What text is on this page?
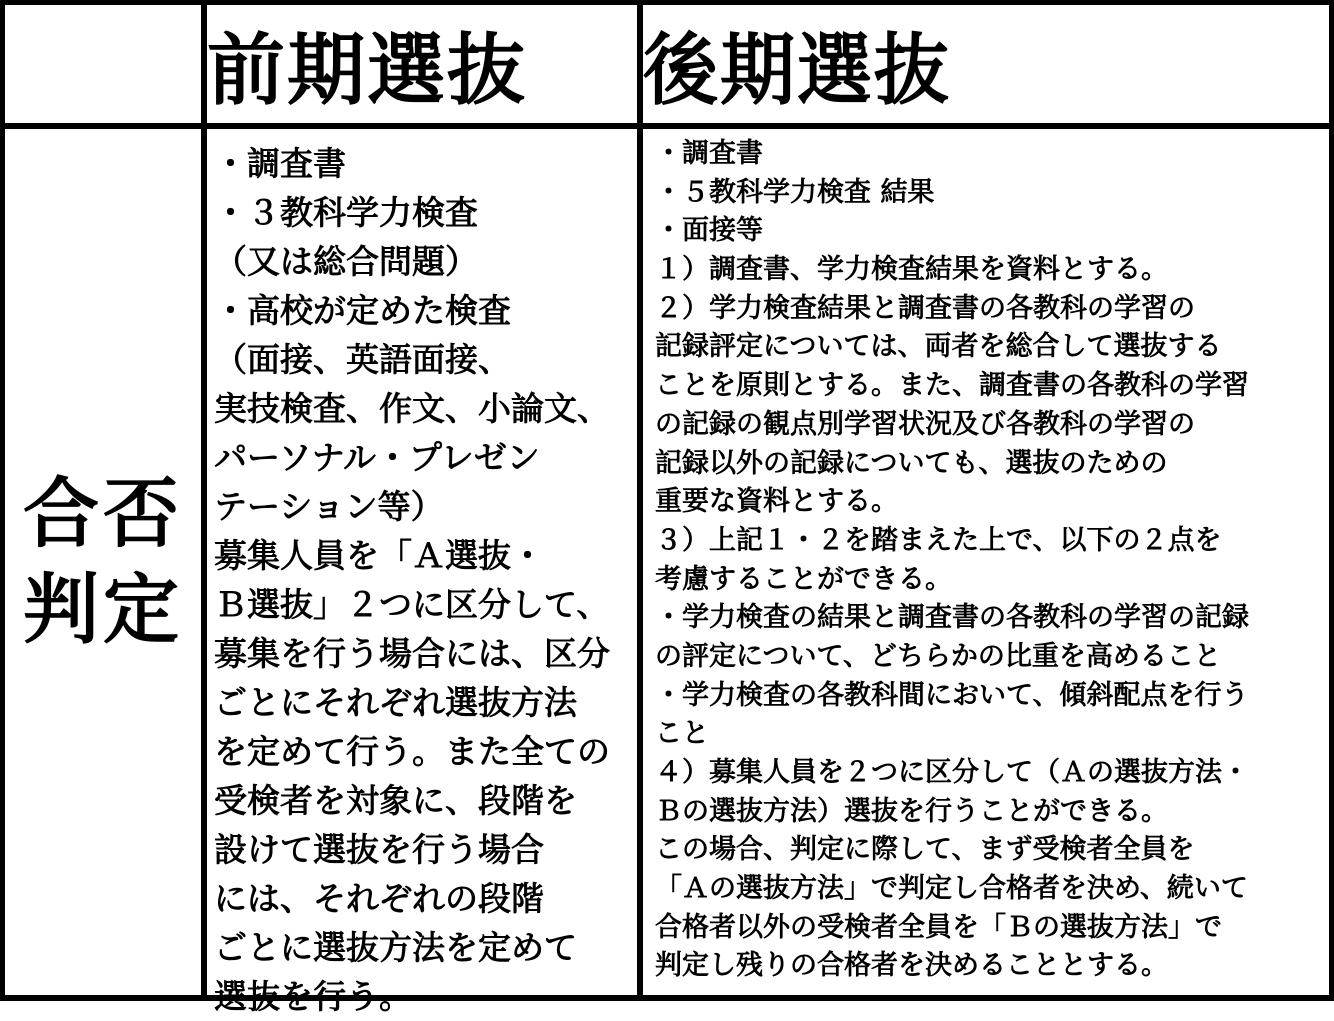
前期選抜	後期選抜
合否
判定
・調査書
・３教科学力検査
（又は総合問題）
・高校が定めた検査
（面接、英語面接、
実技検査、作文、小論文、
パーソナル・プレゼン
テーション等）
募集人員を「Ａ選抜・
Ｂ選抜」２つに区分して、
募集を行う場合には、区分
ごとにそれぞれ選抜方法
を定めて行う。また全ての
受検者を対象に、段階を
設けて選抜を行う場合
には、それぞれの段階
ごとに選抜方法を定めて
選抜を行う。
・調査書
・５教科学力検査 結果
・面接等
１）調査書、学力検査結果を資料とする。
２）学力検査結果と調査書の各教科の学習の
記録評定については、両者を総合して選抜する
ことを原則とする。また、調査書の各教科の学習
の記録の観点別学習状況及び各教科の学習の
記録以外の記録についても、選抜のための
重要な資料とする。
３）上記１・２を踏まえた上で、以下の２点を
考慮することができる。
・学力検査の結果と調査書の各教科の学習の記録
の評定について、どちらかの比重を高めること
・学力検査の各教科間において、傾斜配点を行う
こと
４）募集人員を２つに区分して（Ａの選抜方法・
Ｂの選抜方法）選抜を行うことができる。
この場合、判定に際して、まず受検者全員を
「Ａの選抜方法」で判定し合格者を決め、続いて
合格者以外の受検者全員を「Ｂの選抜方法」で
判定し残りの合格者を決めることとする。
